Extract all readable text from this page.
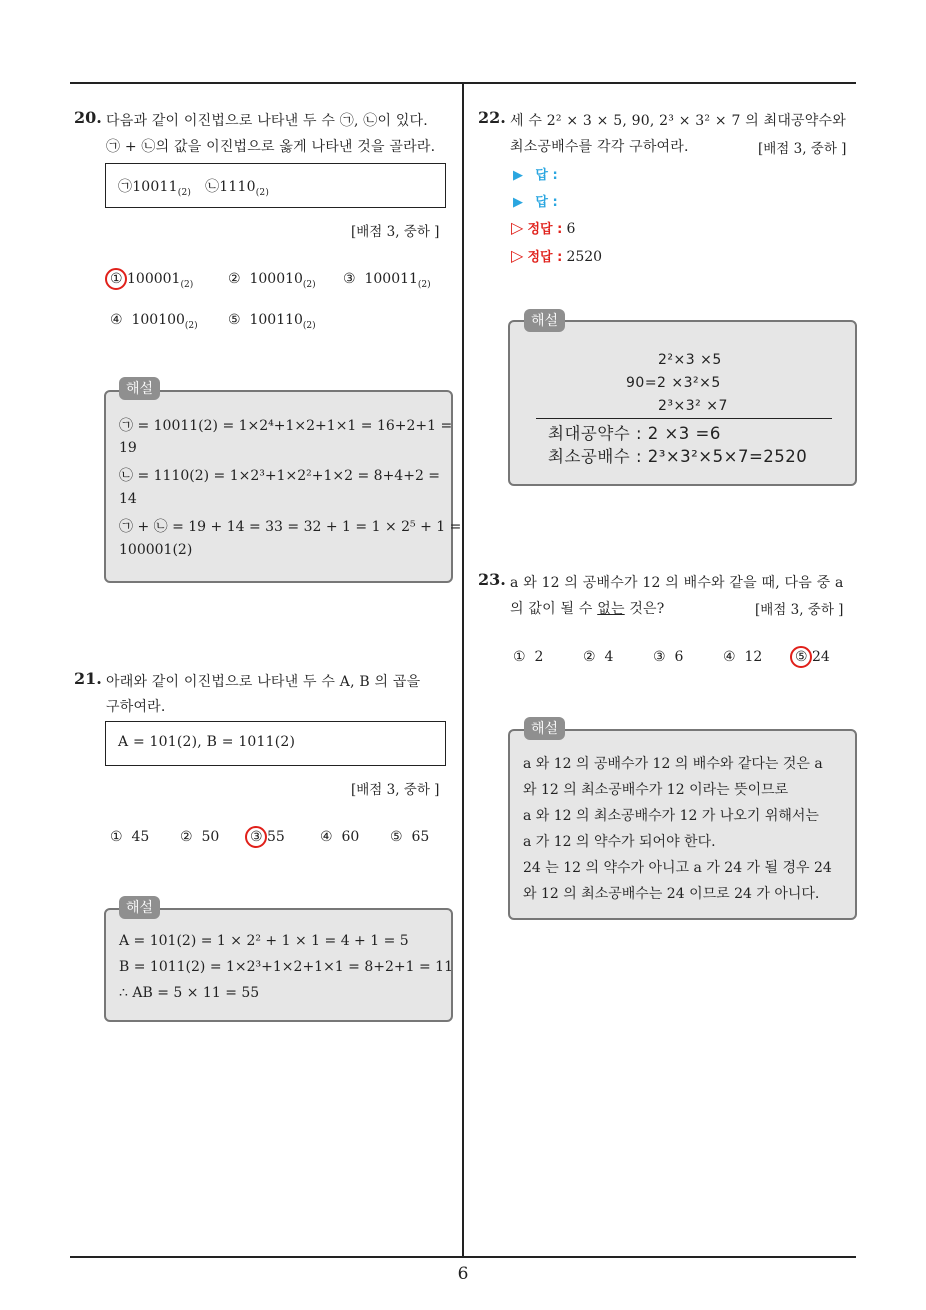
6
20. 다음과 같이 이진법으로 나타낸 두 수 ㉠, ㉡이 있다.
㉠ + ㉡의 값을 이진법으로 옳게 나타낸 것을 골라라.
$㉠10011_{(2)}$ $㉡1110_{(2)}$
[배점 3, 중하 ]
① $100001_{(2)}$ ② $100010_{(2)}$ ③ $100011_{(2)}$
④ $100100_{(2)}$ ⑤ $100110_{(2)}$
㉠ = 10011(2) = 1×2⁴+1×2+1×1 = 16+2+1 =
19
㉡ = 1110(2) = 1×2³+1×2²+1×2 = 8+4+2 =
14
㉠ + ㉡ = 19 + 14 = 33 = 32 + 1 = 1 × 2⁵ + 1 =
100001(2)
해설
21. 아래와 같이 이진법으로 나타낸 두 수 A, B 의 곱을
구하여라.
A = 101(2), B = 1011(2)
[배점 3, 중하 ]
① 45 ② 50 ③ 55	④ 60 ⑤ 65
A = 101(2) = 1 × 2² + 1 × 1 = 4 + 1 = 5
B = 1011(2) = 1×2³+1×2+1×1 = 8+2+1 = 11
∴ AB = 5 × 11 = 55
해설
22. 세 수 2² × 3 × 5, 90, 2³ × 3² × 7 의 최대공약수와
최소공배수를 각각 구하여라.	[배점 3, 중하 ]
▶ 답 :
▶ 답 :
▷ 정답 : 6
▷ 정답 : 2520
2²×3 ×5
90=2 ×3²×5
2³×3² ×7
최대공약수 : 2 ×3 =6
최소공배수 : 2³×3²×5×7=2520
해설
23. a 와 12 의 공배수가 12 의 배수와 같을 때, 다음 중 a
의 값이 될 수 없는 것은?	[배점 3, 중하 ]
① 2	② 4	③ 6	④ 12 ⑤ 24
a 와 12 의 공배수가 12 의 배수와 같다는 것은 a
와 12 의 최소공배수가 12 이라는 뜻이므로
a 와 12 의 최소공배수가 12 가 나오기 위해서는
a 가 12 의 약수가 되어야 한다.
24 는 12 의 약수가 아니고 a 가 24 가 될 경우 24
와 12 의 최소공배수는 24 이므로 24 가 아니다.
해설
